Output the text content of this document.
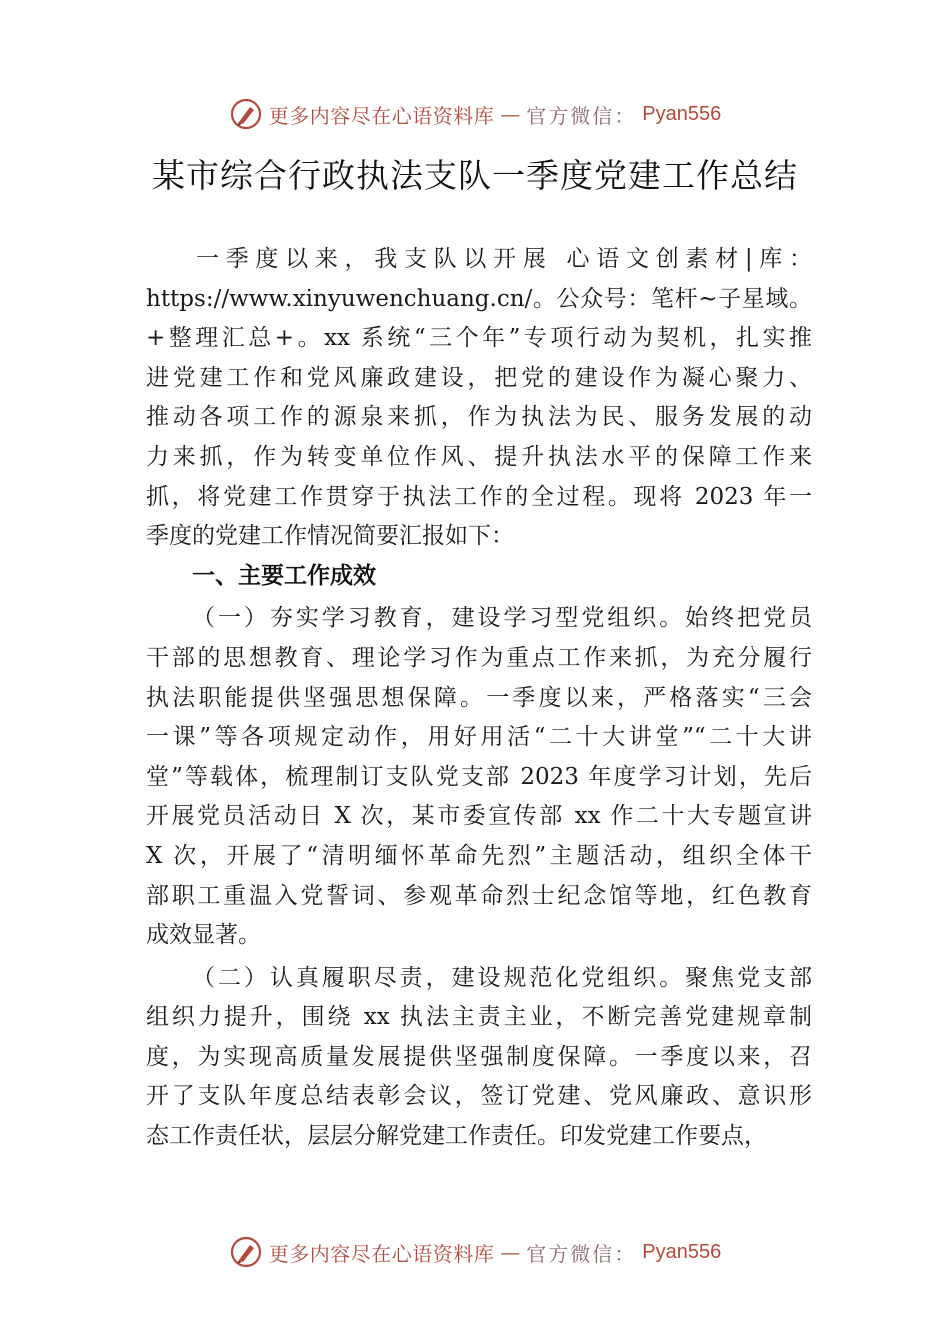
更多内容尽在心语资料库 — 官方微信： Pyan556
某市综合行政执法支队一季度党建工作总结
一季度以来，我支队以开展 心语文创素材|库：
https://www.xinyuwenchuang.cn/。公众号：笔杆~子星域。
+整理汇总+。xx 系统“三个年”专项行动为契机，扎实推
进党建工作和党风廉政建设，把党的建设作为凝心聚力、
推动各项工作的源泉来抓，作为执法为民、服务发展的动
力来抓，作为转变单位作风、提升执法水平的保障工作来
抓，将党建工作贯穿于执法工作的全过程。现将 2023 年一
季度的党建工作情况简要汇报如下：
一、主要工作成效
（一）夯实学习教育，建设学习型党组织。始终把党员
干部的思想教育、理论学习作为重点工作来抓，为充分履行
执法职能提供坚强思想保障。一季度以来，严格落实“三会
一课”等各项规定动作，用好用活“二十大讲堂”“二十大讲
堂”等载体，梳理制订支队党支部 2023 年度学习计划，先后
开展党员活动日 X 次，某市委宣传部 xx 作二十大专题宣讲
X 次，开展了“清明缅怀革命先烈”主题活动，组织全体干
部职工重温入党誓词、参观革命烈士纪念馆等地，红色教育
成效显著。
（二）认真履职尽责，建设规范化党组织。聚焦党支部
组织力提升，围绕 xx 执法主责主业，不断完善党建规章制
度，为实现高质量发展提供坚强制度保障。一季度以来，召
开了支队年度总结表彰会议，签订党建、党风廉政、意识形
态工作责任状，层层分解党建工作责任。印发党建工作要点，
更多内容尽在心语资料库 — 官方微信： Pyan556
